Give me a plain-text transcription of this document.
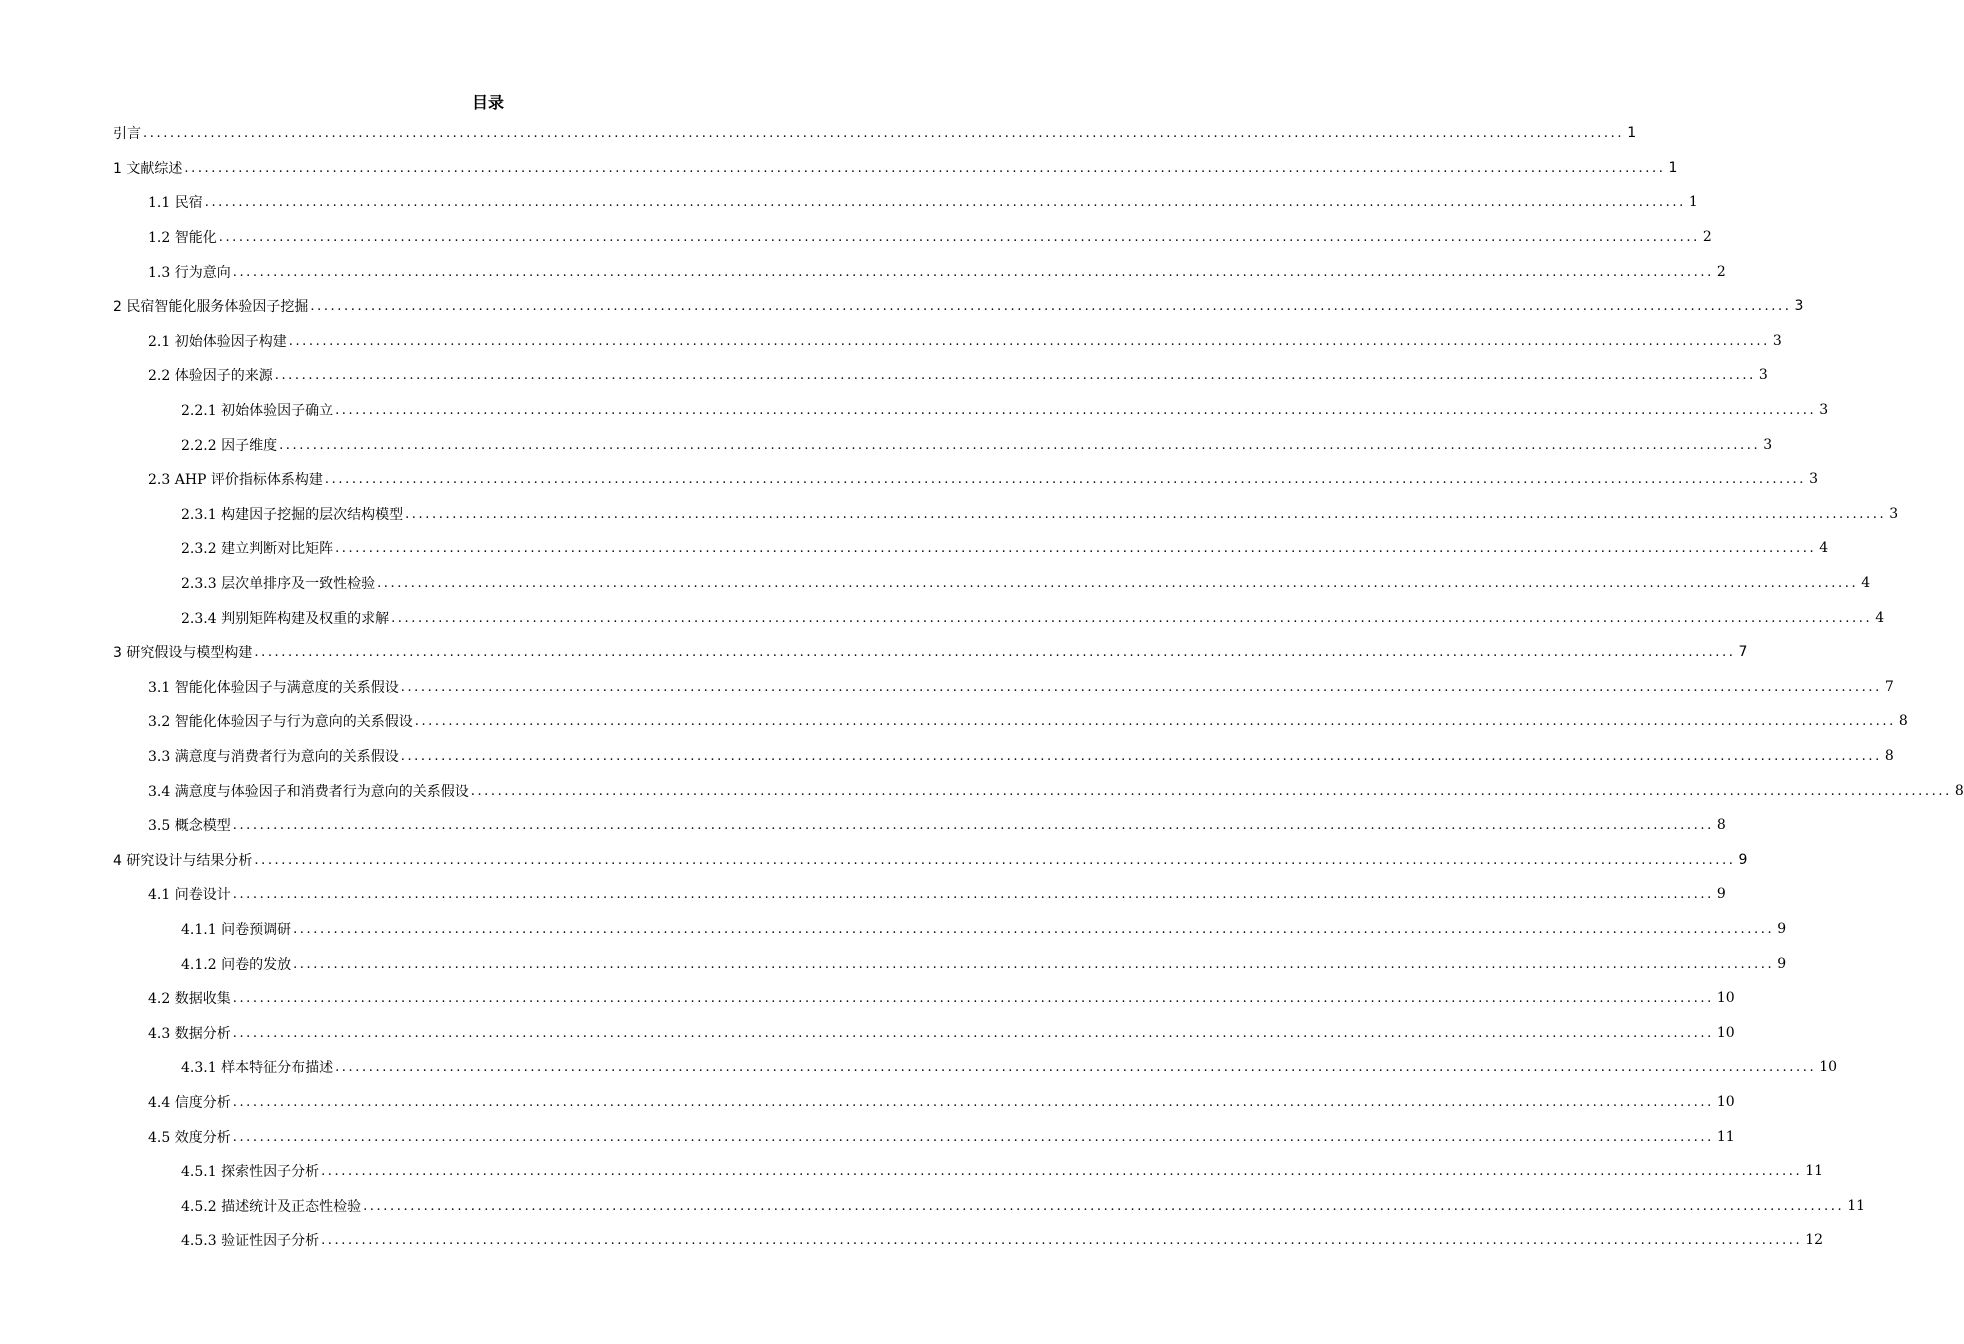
目录
引言 ............................................................................................................................................................................................................................ 1
1 文献综述 ............................................................................................................................................................................................................................ 1
1.1 民宿 ............................................................................................................................................................................................................................ 1
1.2 智能化 ............................................................................................................................................................................................................................ 2
1.3 行为意向 ............................................................................................................................................................................................................................ 2
2 民宿智能化服务体验因子挖掘 ............................................................................................................................................................................................................................ 3
2.1 初始体验因子构建 ............................................................................................................................................................................................................................ 3
2.2 体验因子的来源 ............................................................................................................................................................................................................................ 3
2.2.1 初始体验因子确立 ............................................................................................................................................................................................................................ 3
2.2.2 因子维度 ............................................................................................................................................................................................................................ 3
2.3 AHP 评价指标体系构建 ............................................................................................................................................................................................................................ 3
2.3.1 构建因子挖掘的层次结构模型 ............................................................................................................................................................................................................................ 3
2.3.2 建立判断对比矩阵 ............................................................................................................................................................................................................................ 4
2.3.3 层次单排序及一致性检验 ............................................................................................................................................................................................................................ 4
2.3.4 判别矩阵构建及权重的求解 ............................................................................................................................................................................................................................ 4
3 研究假设与模型构建 ............................................................................................................................................................................................................................ 7
3.1 智能化体验因子与满意度的关系假设 ............................................................................................................................................................................................................................ 7
3.2 智能化体验因子与行为意向的关系假设 ............................................................................................................................................................................................................................ 8
3.3 满意度与消费者行为意向的关系假设 ............................................................................................................................................................................................................................ 8
3.4 满意度与体验因子和消费者行为意向的关系假设 ............................................................................................................................................................................................................................ 8
3.5 概念模型 ............................................................................................................................................................................................................................ 8
4 研究设计与结果分析 ............................................................................................................................................................................................................................ 9
4.1 问卷设计 ............................................................................................................................................................................................................................ 9
4.1.1 问卷预调研 ............................................................................................................................................................................................................................ 9
4.1.2 问卷的发放 ............................................................................................................................................................................................................................ 9
4.2 数据收集 ............................................................................................................................................................................................................................ 10
4.3 数据分析 ............................................................................................................................................................................................................................ 10
4.3.1 样本特征分布描述 ............................................................................................................................................................................................................................ 10
4.4 信度分析 ............................................................................................................................................................................................................................ 10
4.5 效度分析 ............................................................................................................................................................................................................................ 11
4.5.1 探索性因子分析 ............................................................................................................................................................................................................................ 11
4.5.2 描述统计及正态性检验 ............................................................................................................................................................................................................................ 11
4.5.3 验证性因子分析 ............................................................................................................................................................................................................................ 12
